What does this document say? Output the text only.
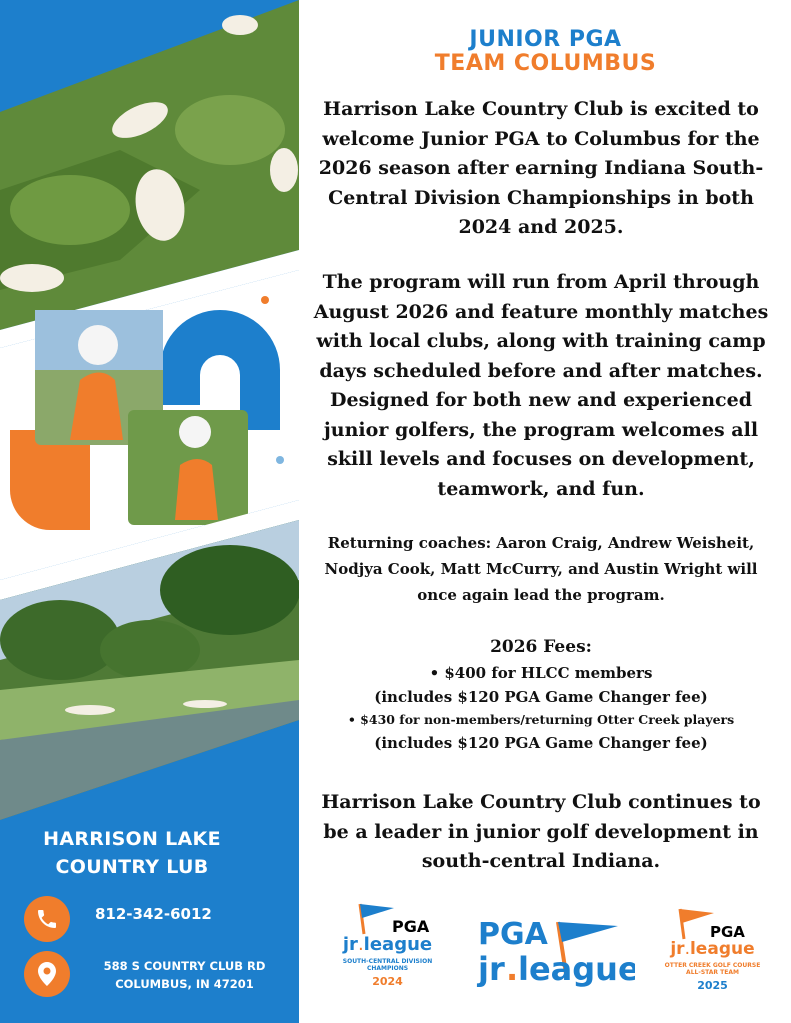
HARRISON LAKE
COUNTRY LUB
812-342-6012
588 S COUNTRY CLUB RD
COLUMBUS, IN 47201
JUNIOR PGA
TEAM COLUMBUS
Harrison Lake Country Club is excited to welcome Junior PGA to Columbus for the 2026 season after earning Indiana South-Central Division Championships in both 2024 and 2025.
The program will run from April through August 2026 and feature monthly matches with local clubs, along with training camp days scheduled before and after matches. Designed for both new and experienced junior golfers, the program welcomes all skill levels and focuses on development, teamwork, and fun.
Returning coaches: Aaron Craig, Andrew Weisheit, Nodjya Cook, Matt McCurry, and Austin Wright will once again lead the program.
2026 Fees:
• $400 for HLCC members
(includes $120 PGA Game Changer fee)
• $430 for non-members/returning Otter Creek players
(includes $120 PGA Game Changer fee)
Harrison Lake Country Club continues to be a leader in junior golf development in south-central Indiana.
PGA
jr.league
SOUTH-CENTRAL DIVISION
CHAMPIONS
2024
PGA
jr . league
PGA
jr.league
OTTER CREEK GOLF COURSE
ALL-STAR TEAM
2025
